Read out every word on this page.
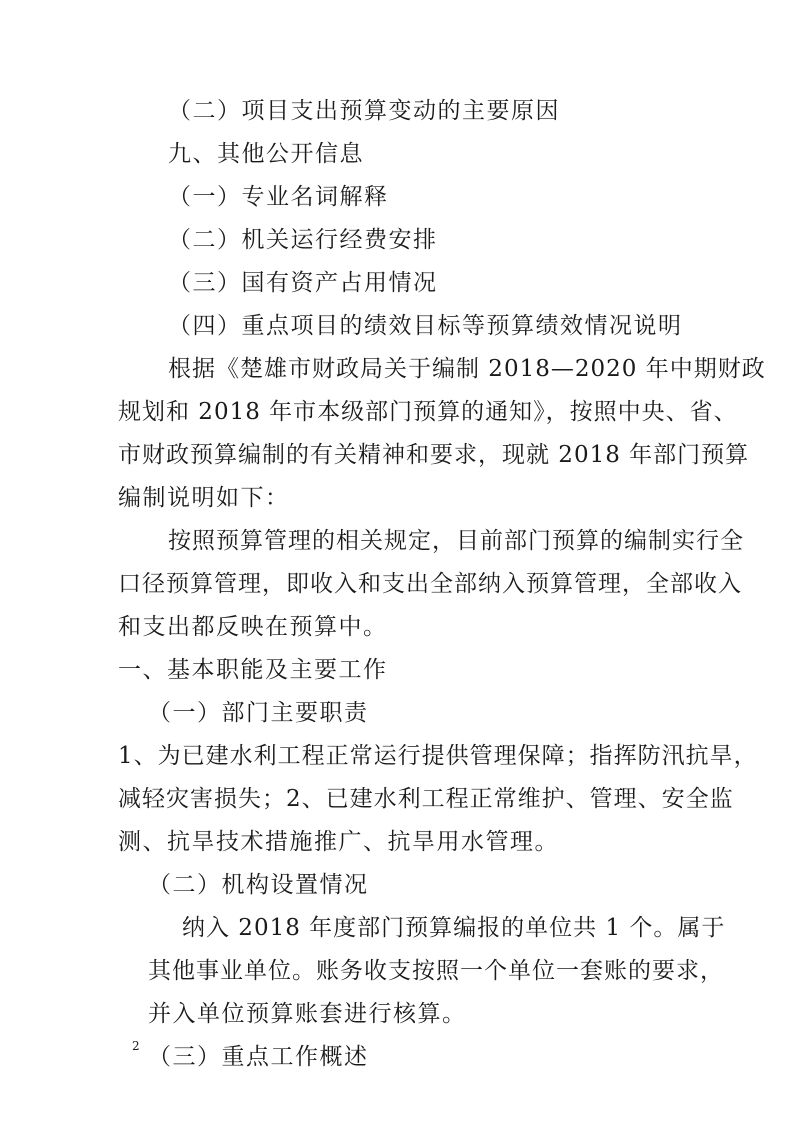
（二）项目支出预算变动的主要原因
九、其他公开信息
（一）专业名词解释
（二）机关运行经费安排
（三）国有资产占用情况
（四）重点项目的绩效目标等预算绩效情况说明
根据《楚雄市财政局关于编制 2018—2020 年中期财政
规划和 2018 年市本级部门预算的通知》，按照中央、省、
市财政预算编制的有关精神和要求，现就 2018 年部门预算
编制说明如下：
按照预算管理的相关规定，目前部门预算的编制实行全
口径预算管理，即收入和支出全部纳入预算管理，全部收入
和支出都反映在预算中。
一、基本职能及主要工作
（一）部门主要职责
1、为已建水利工程正常运行提供管理保障；指挥防汛抗旱，
减轻灾害损失；2、已建水利工程正常维护、管理、安全监
测、抗旱技术措施推广、抗旱用水管理。
（二）机构设置情况
纳入 2018 年度部门预算编报的单位共 1 个。属于
其他事业单位。账务收支按照一个单位一套账的要求，
并入单位预算账套进行核算。
（三）重点工作概述
2
